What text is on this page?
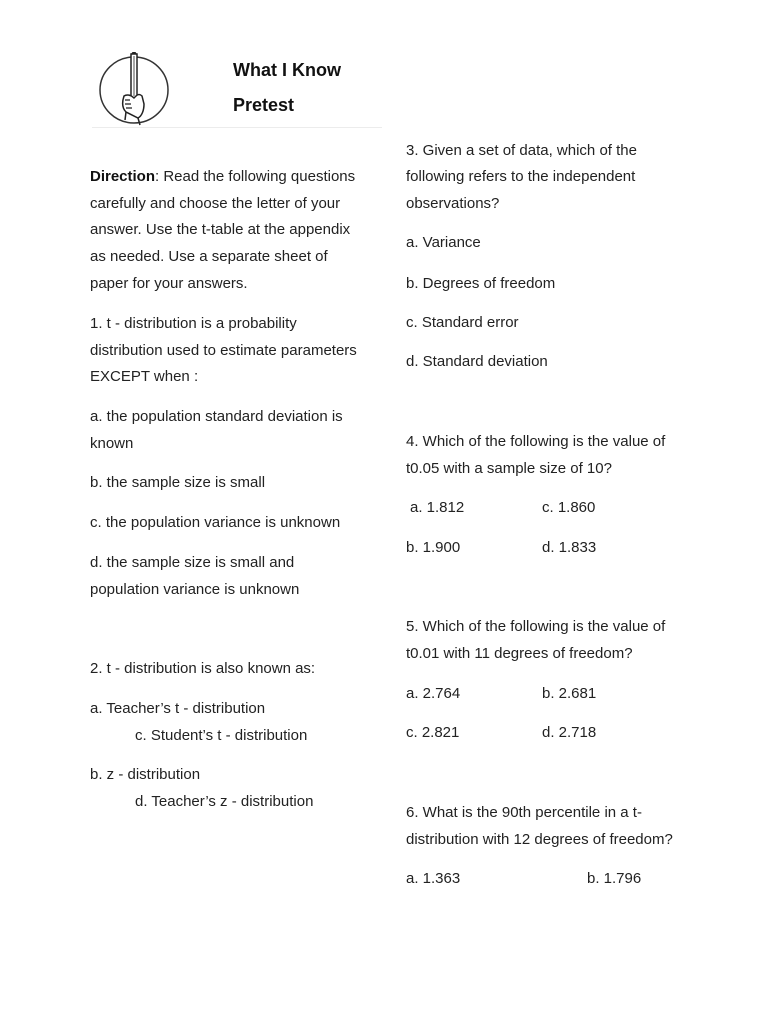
What I Know
Pretest
Direction: Read the following questions
carefully and choose the letter of your
answer. Use the t-table at the appendix
as needed. Use a separate sheet of
paper for your answers.
1. t - distribution is a probability
distribution used to estimate parameters
EXCEPT when :
a. the population standard deviation is
known
b. the sample size is small
c. the population variance is unknown
d. the sample size is small and
population variance is unknown
2. t - distribution is also known as:
a. Teacher’s t - distribution
c. Student’s t - distribution
b. z - distribution
d. Teacher’s z - distribution
3. Given a set of data, which of the
following refers to the independent
observations?
a. Variance
b. Degrees of freedom
c. Standard error
d. Standard deviation
4. Which of the following is the value of
t0.05 with a sample size of 10?
a. 1.812	c. 1.860
b. 1.900	d. 1.833
5. Which of the following is the value of
t0.01 with 11 degrees of freedom?
a. 2.764	b. 2.681
c. 2.821	d. 2.718
6. What is the 90th percentile in a t-
distribution with 12 degrees of freedom?
a. 1.363	b. 1.796
